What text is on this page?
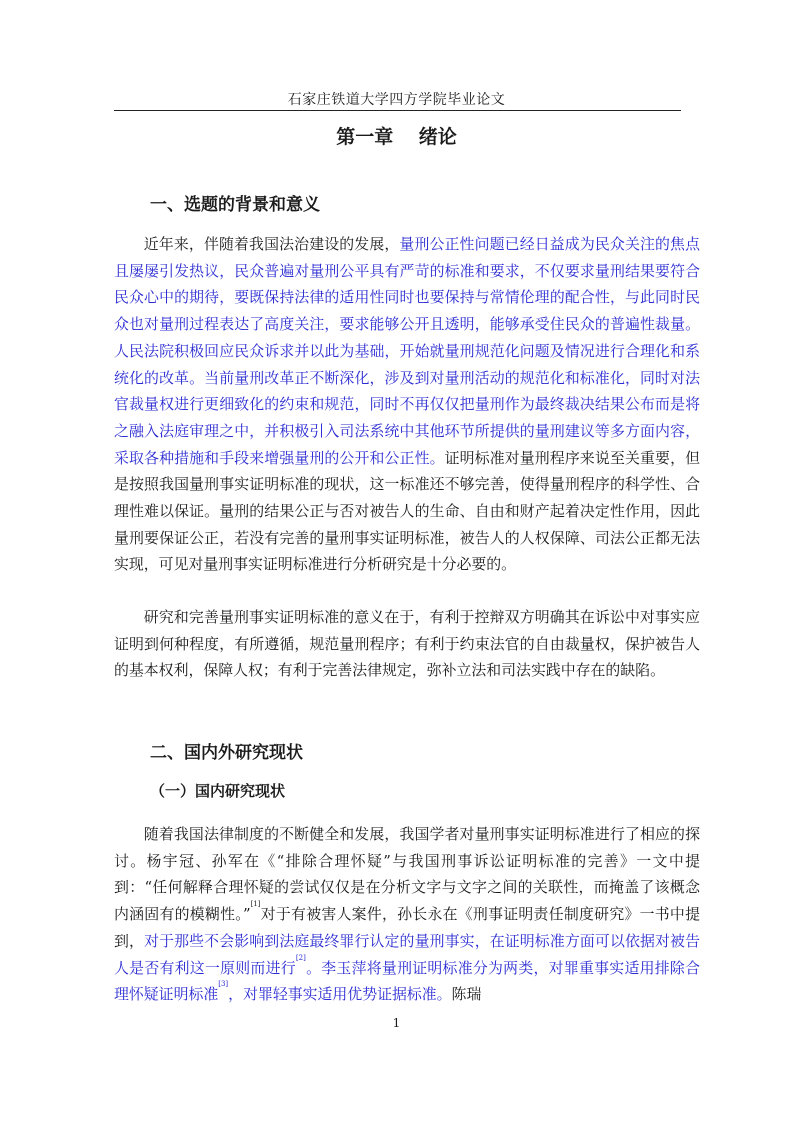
石家庄铁道大学四方学院毕业论文
第一章　 绪论
一、选题的背景和意义

近年来，伴随着我国法治建设的发展，量刑公正性问题已经日益成为民众关注的焦点且屡屡引发热议，民众普遍对量刑公平具有严苛的标准和要求，不仅要求量刑结果要符合民众心中的期待，要既保持法律的适用性同时也要保持与常情伦理的配合性，与此同时民众也对量刑过程表达了高度关注，要求能够公开且透明，能够承受住民众的普遍性裁量。人民法院积极回应民众诉求并以此为基础，开始就量刑规范化问题及情况进行合理化和系统化的改革。当前量刑改革正不断深化，涉及到对量刑活动的规范化和标准化，同时对法官裁量权进行更细致化的约束和规范，同时不再仅仅把量刑作为最终裁决结果公布而是将之融入法庭审理之中，并积极引入司法系统中其他环节所提供的量刑建议等多方面内容，采取各种措施和手段来增强量刑的公开和公正性。证明标准对量刑程序来说至关重要，但是按照我国量刑事实证明标准的现状，这一标准还不够完善，使得量刑程序的科学性、合理性难以保证。量刑的结果公正与否对被告人的生命、自由和财产起着决定性作用，因此量刑要保证公正，若没有完善的量刑事实证明标准，被告人的人权保障、司法公正都无法实现，可见对量刑事实证明标准进行分析研究是十分必要的。

研究和完善量刑事实证明标准的意义在于，有利于控辩双方明确其在诉讼中对事实应证明到何种程度，有所遵循，规范量刑程序；有利于约束法官的自由裁量权，保护被告人的基本权利，保障人权；有利于完善法律规定，弥补立法和司法实践中存在的缺陷。

二、国内外研究现状
（一）国内研究现状

随着我国法律制度的不断健全和发展，我国学者对量刑事实证明标准进行了相应的探讨。杨宇冠、孙军在《“排除合理怀疑”与我国刑事诉讼证明标准的完善》一文中提到：“任何解释合理怀疑的尝试仅仅是在分析文字与文字之间的关联性，而掩盖了该概念内涵固有的模糊性。”[1]对于有被害人案件，孙长永在《刑事证明责任制度研究》一书中提到，对于那些不会影响到法庭最终罪行认定的量刑事实，在证明标准方面可以依据对被告人是否有利这一原则而进行[2]。李玉萍将量刑证明标准分为两类，对罪重事实适用排除合理怀疑证明标准[3]，对罪轻事实适用优势证据标准。陈瑞

1
